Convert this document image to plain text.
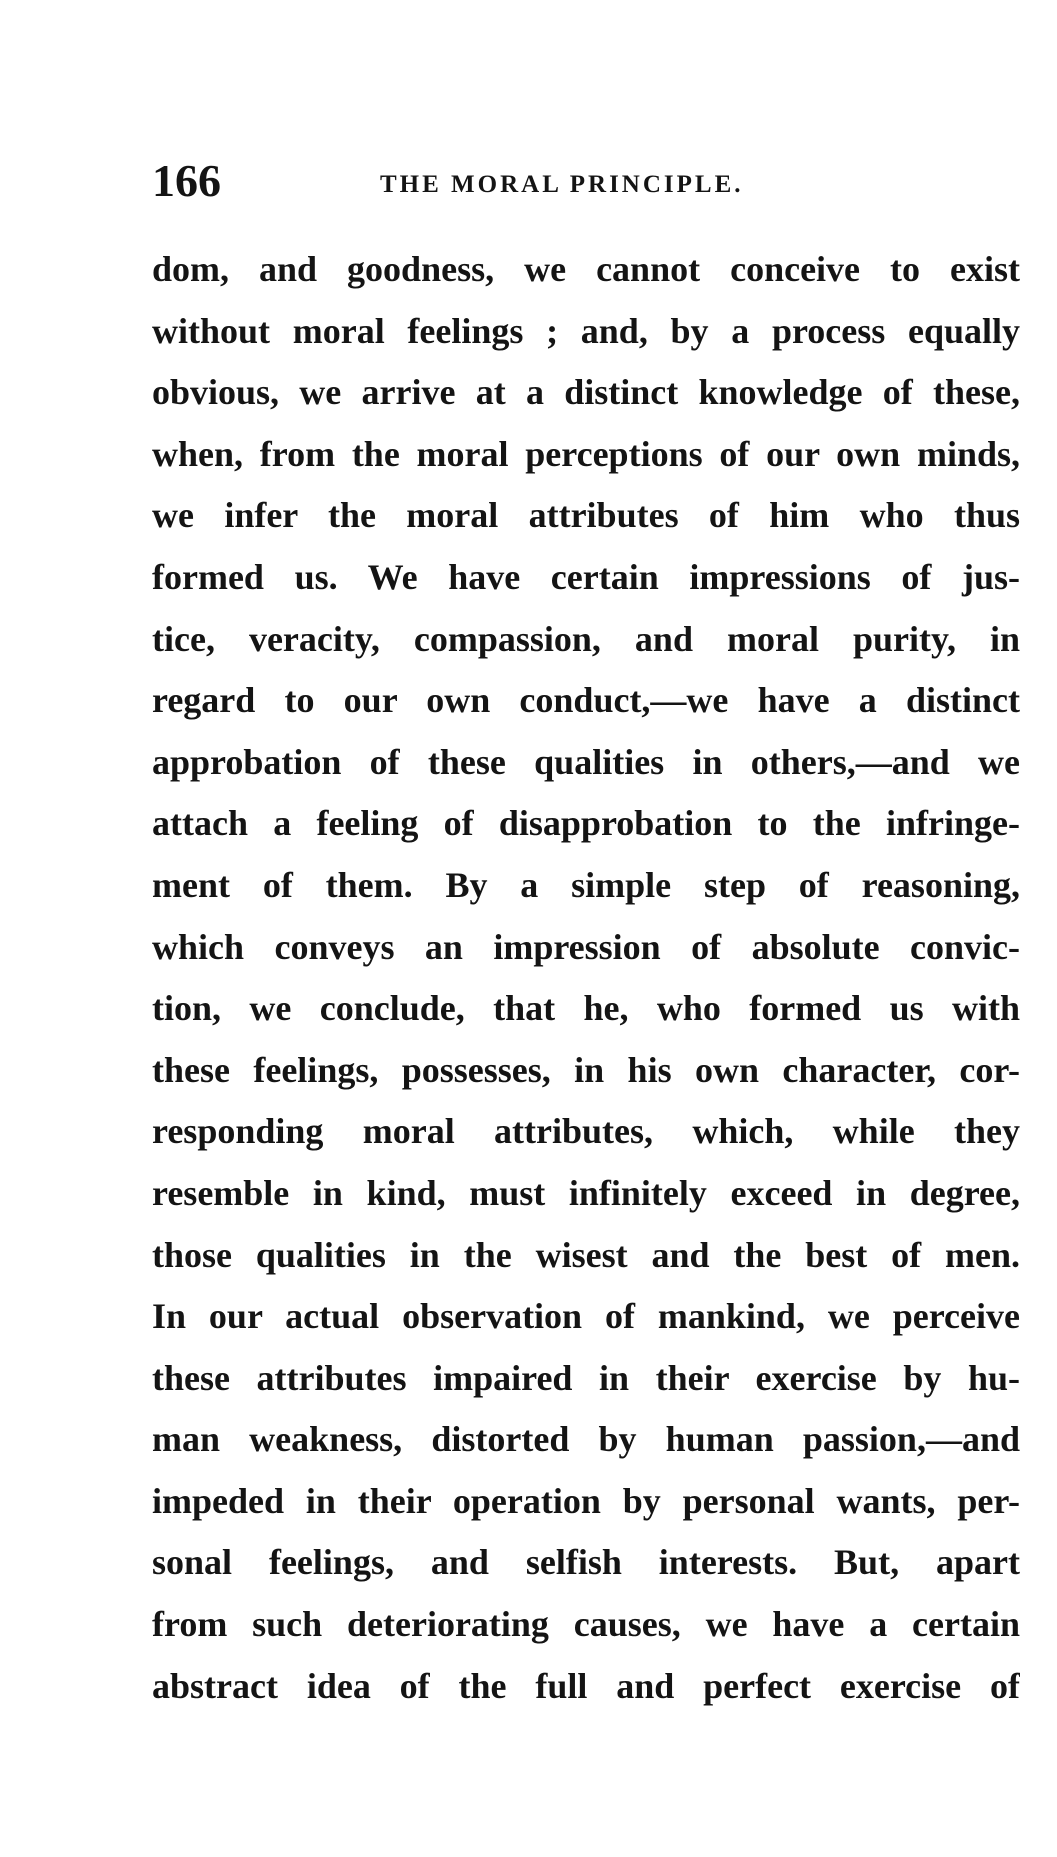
166	THE MORAL PRINCIPLE.
dom, and goodness, we cannot conceive to exist
without moral feelings ; and, by a process equally
obvious, we arrive at a distinct knowledge of these,
when, from the moral perceptions of our own minds,
we infer the moral attributes of him who thus
formed us. We have certain impressions of jus-
tice, veracity, compassion, and moral purity, in
regard to our own conduct,—we have a distinct
approbation of these qualities in others,—and we
attach a feeling of disapprobation to the infringe-
ment of them. By a simple step of reasoning,
which conveys an impression of absolute convic-
tion, we conclude, that he, who formed us with
these feelings, possesses, in his own character, cor-
responding moral attributes, which, while they
resemble in kind, must infinitely exceed in degree,
those qualities in the wisest and the best of men.
In our actual observation of mankind, we perceive
these attributes impaired in their exercise by hu-
man weakness, distorted by human passion,—and
impeded in their operation by personal wants, per-
sonal feelings, and selfish interests. But, apart
from such deteriorating causes, we have a certain
abstract idea of the full and perfect exercise of
